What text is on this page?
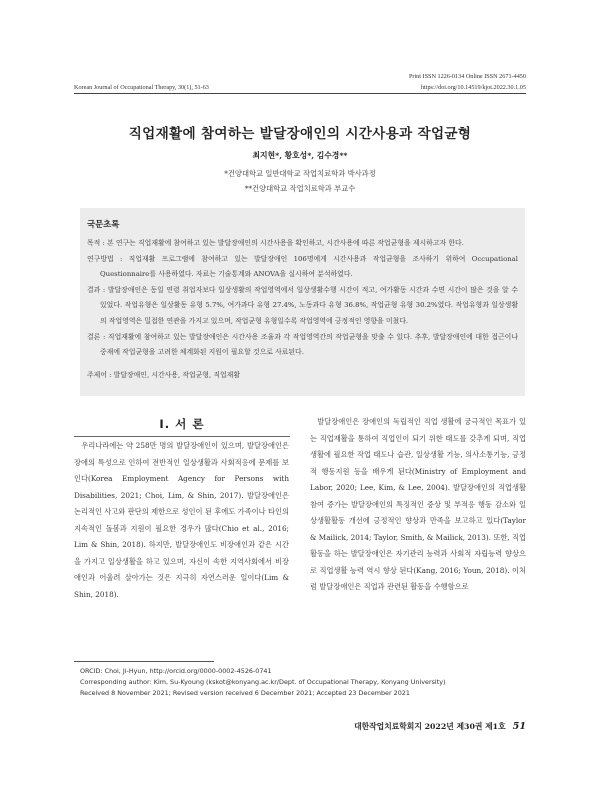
Korean Journal of Occupational Therapy, 30(1), 51-63
Print ISSN 1226-0134 Online ISSN 2671-4450
https://doi.org/10.14519/kjot.2022.30.1.05
직업재활에 참여하는 발달장애인의 시간사용과 작업균형
최지현*, 황호성*, 김수경**
*건양대학교 일반대학교 작업치료학과 박사과정
**건양대학교 작업치료학과 부교수
국문초록
목적 : 본 연구는 직업재활에 참여하고 있는 발달장애인의 시간사용을 확인하고, 시간사용에 따른 작업균형을 제시하고자 한다.
연구방법 : 직업재활 프로그램에 참여하고 있는 발달장애인 106명에게 시간사용과 작업균형을 조사하기 위하여 Occupational Questionnaire를 사용하였다. 자료는 기술통계와 ANOVA을 실시하여 분석하였다.
결과 : 발달장애인은 동일 연령 취업자보다 일상생활의 작업영역에서 일상생활수행 시간이 적고, 여가활동 시간과 수면 시간이 많은 것을 알 수 있었다. 작업유형은 일상활동 유형 5.7%, 여가과다 유형 27.4%, 노동과다 유형 36.8%, 작업균형 유형 30.2%였다. 작업유형과 일상생활의 작업영역은 밀접한 연관을 가지고 있으며, 작업균형 유형일수록 작업영역에 긍정적인 영향을 미쳤다.
결론 : 직업재활에 참여하고 있는 발달장애인은 시간사용 조율과 각 작업영역간의 작업균형을 맞출 수 있다. 추후, 발달장애인에 대한 접근이나 중재에 작업균형을 고려한 체계화된 지원이 필요할 것으로 사료된다.
주제어 : 발달장애인, 시간사용, 작업균형, 직업재활
Ⅰ. 서 론
우리나라에는 약 258만 명의 발달장애인이 있으며, 발달장애인은 장애의 특성으로 인하여 전반적인 일상생활과 사회적응에 문제를 보인다(Korea Employment Agency for Persons with Disabilities, 2021; Choi, Lim, & Shin, 2017). 발달장애인은 논리적인 사고와 판단의 제한으로 성인이 된 후에도 가족이나 타인의 지속적인 돌봄과 지원이 필요한 경우가 많다(Chio et al., 2016; Lim & Shin, 2018). 하지만, 발달장애인도 비장애인과 같은 시간을 가지고 일상생활을 하고 있으며, 자신이 속한 지역사회에서 비장애인과 어울려 살아가는 것은 지극히 자연스러운 일이다(Lim & Shin, 2018).
발달장애인은 장애인의 독립적인 직업 생활에 궁극적인 목표가 있는 직업재활을 통하여 직업인이 되기 위한 태도를 갖추게 되며, 직업 생활에 필요한 작업 태도나 습관, 일상생활 기능, 의사소통기능, 긍정적 행동지원 등을 배우게 된다(Ministry of Employment and Labor, 2020; Lee, Kim, & Lee, 2004). 발달장애인의 직업생활 참여 증가는 발달장애인의 특징적인 증상 및 부적응 행동 감소와 일상생활활동 개선에 긍정적인 향상과 만족을 보고하고 있다(Taylor & Mailick, 2014; Taylor, Smith, & Mailick, 2013). 또한, 직업활동을 하는 발달장애인은 자기관리 능력과 사회적 자립능력 향상으로 직업생활 능력 역시 향상 된다(Kang, 2016; Youn, 2018). 이처럼 발달장애인은 직업과 관련된 활동을 수행함으로
ORCID: Choi, Ji-Hyun, http://orcid.org/0000-0002-4526-0741
Corresponding author: Kim, Su-Kyoung (kskot@konyang.ac.kr/Dept. of Occupational Therapy, Konyang University)
Received 8 November 2021; Revised version received 6 December 2021; Accepted 23 December 2021
대한작업치료학회지 2022년 제30권 제1호 51
